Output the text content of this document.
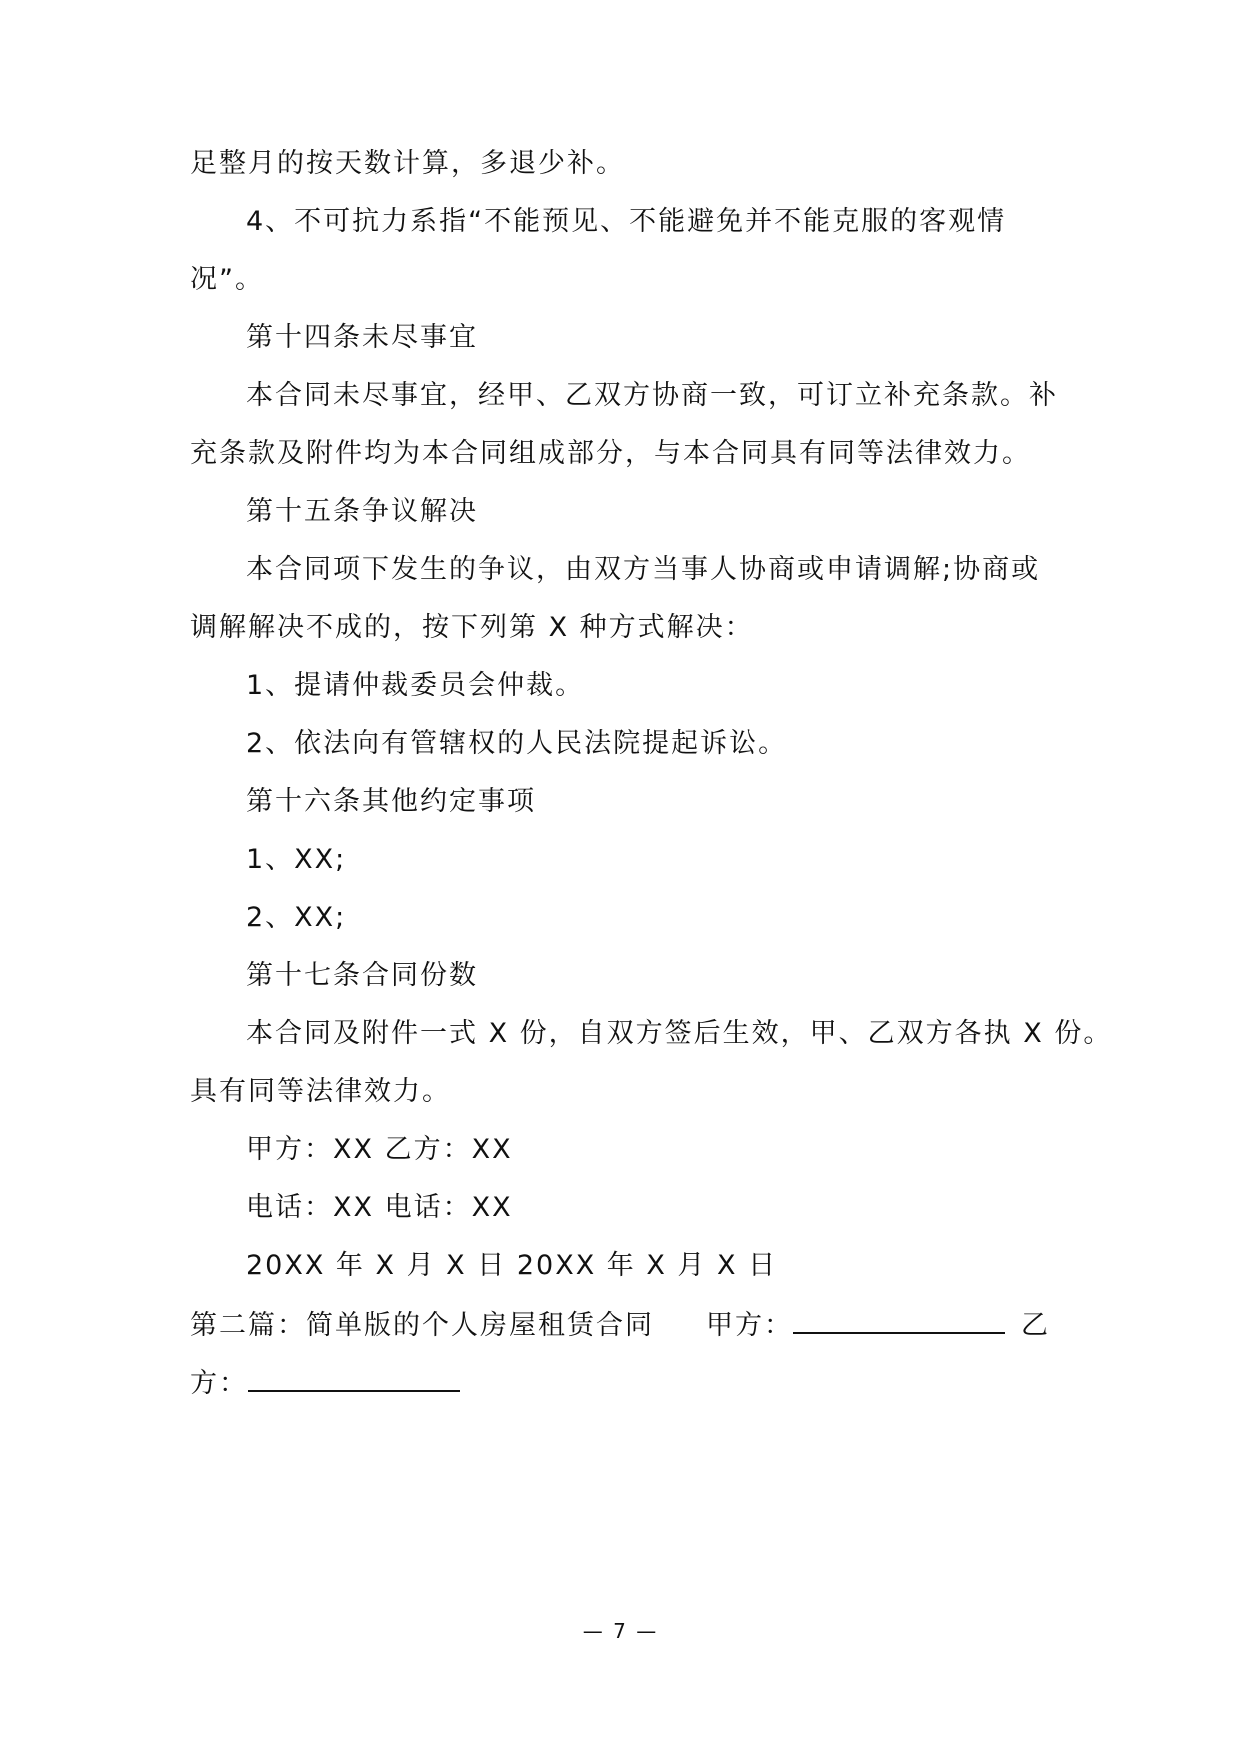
足整月的按天数计算，多退少补。
4、不可抗力系指“不能预见、不能避免并不能克服的客观情
况”。
第十四条未尽事宜
本合同未尽事宜，经甲、乙双方协商一致，可订立补充条款。补
充条款及附件均为本合同组成部分，与本合同具有同等法律效力。
第十五条争议解决
本合同项下发生的争议，由双方当事人协商或申请调解;协商或
调解解决不成的，按下列第 X 种方式解决：
1、提请仲裁委员会仲裁。
2、依法向有管辖权的人民法院提起诉讼。
第十六条其他约定事项
1、XX;
2、XX;
第十七条合同份数
本合同及附件一式 X 份，自双方签后生效，甲、乙双方各执 X 份。
具有同等法律效力。
甲方：XX 乙方：XX
电话：XX 电话：XX
20XX 年 X 月 X 日 20XX 年 X 月 X 日
第二篇：简单版的个人房屋租赁合同 甲方：	乙
方：
— 7 —
